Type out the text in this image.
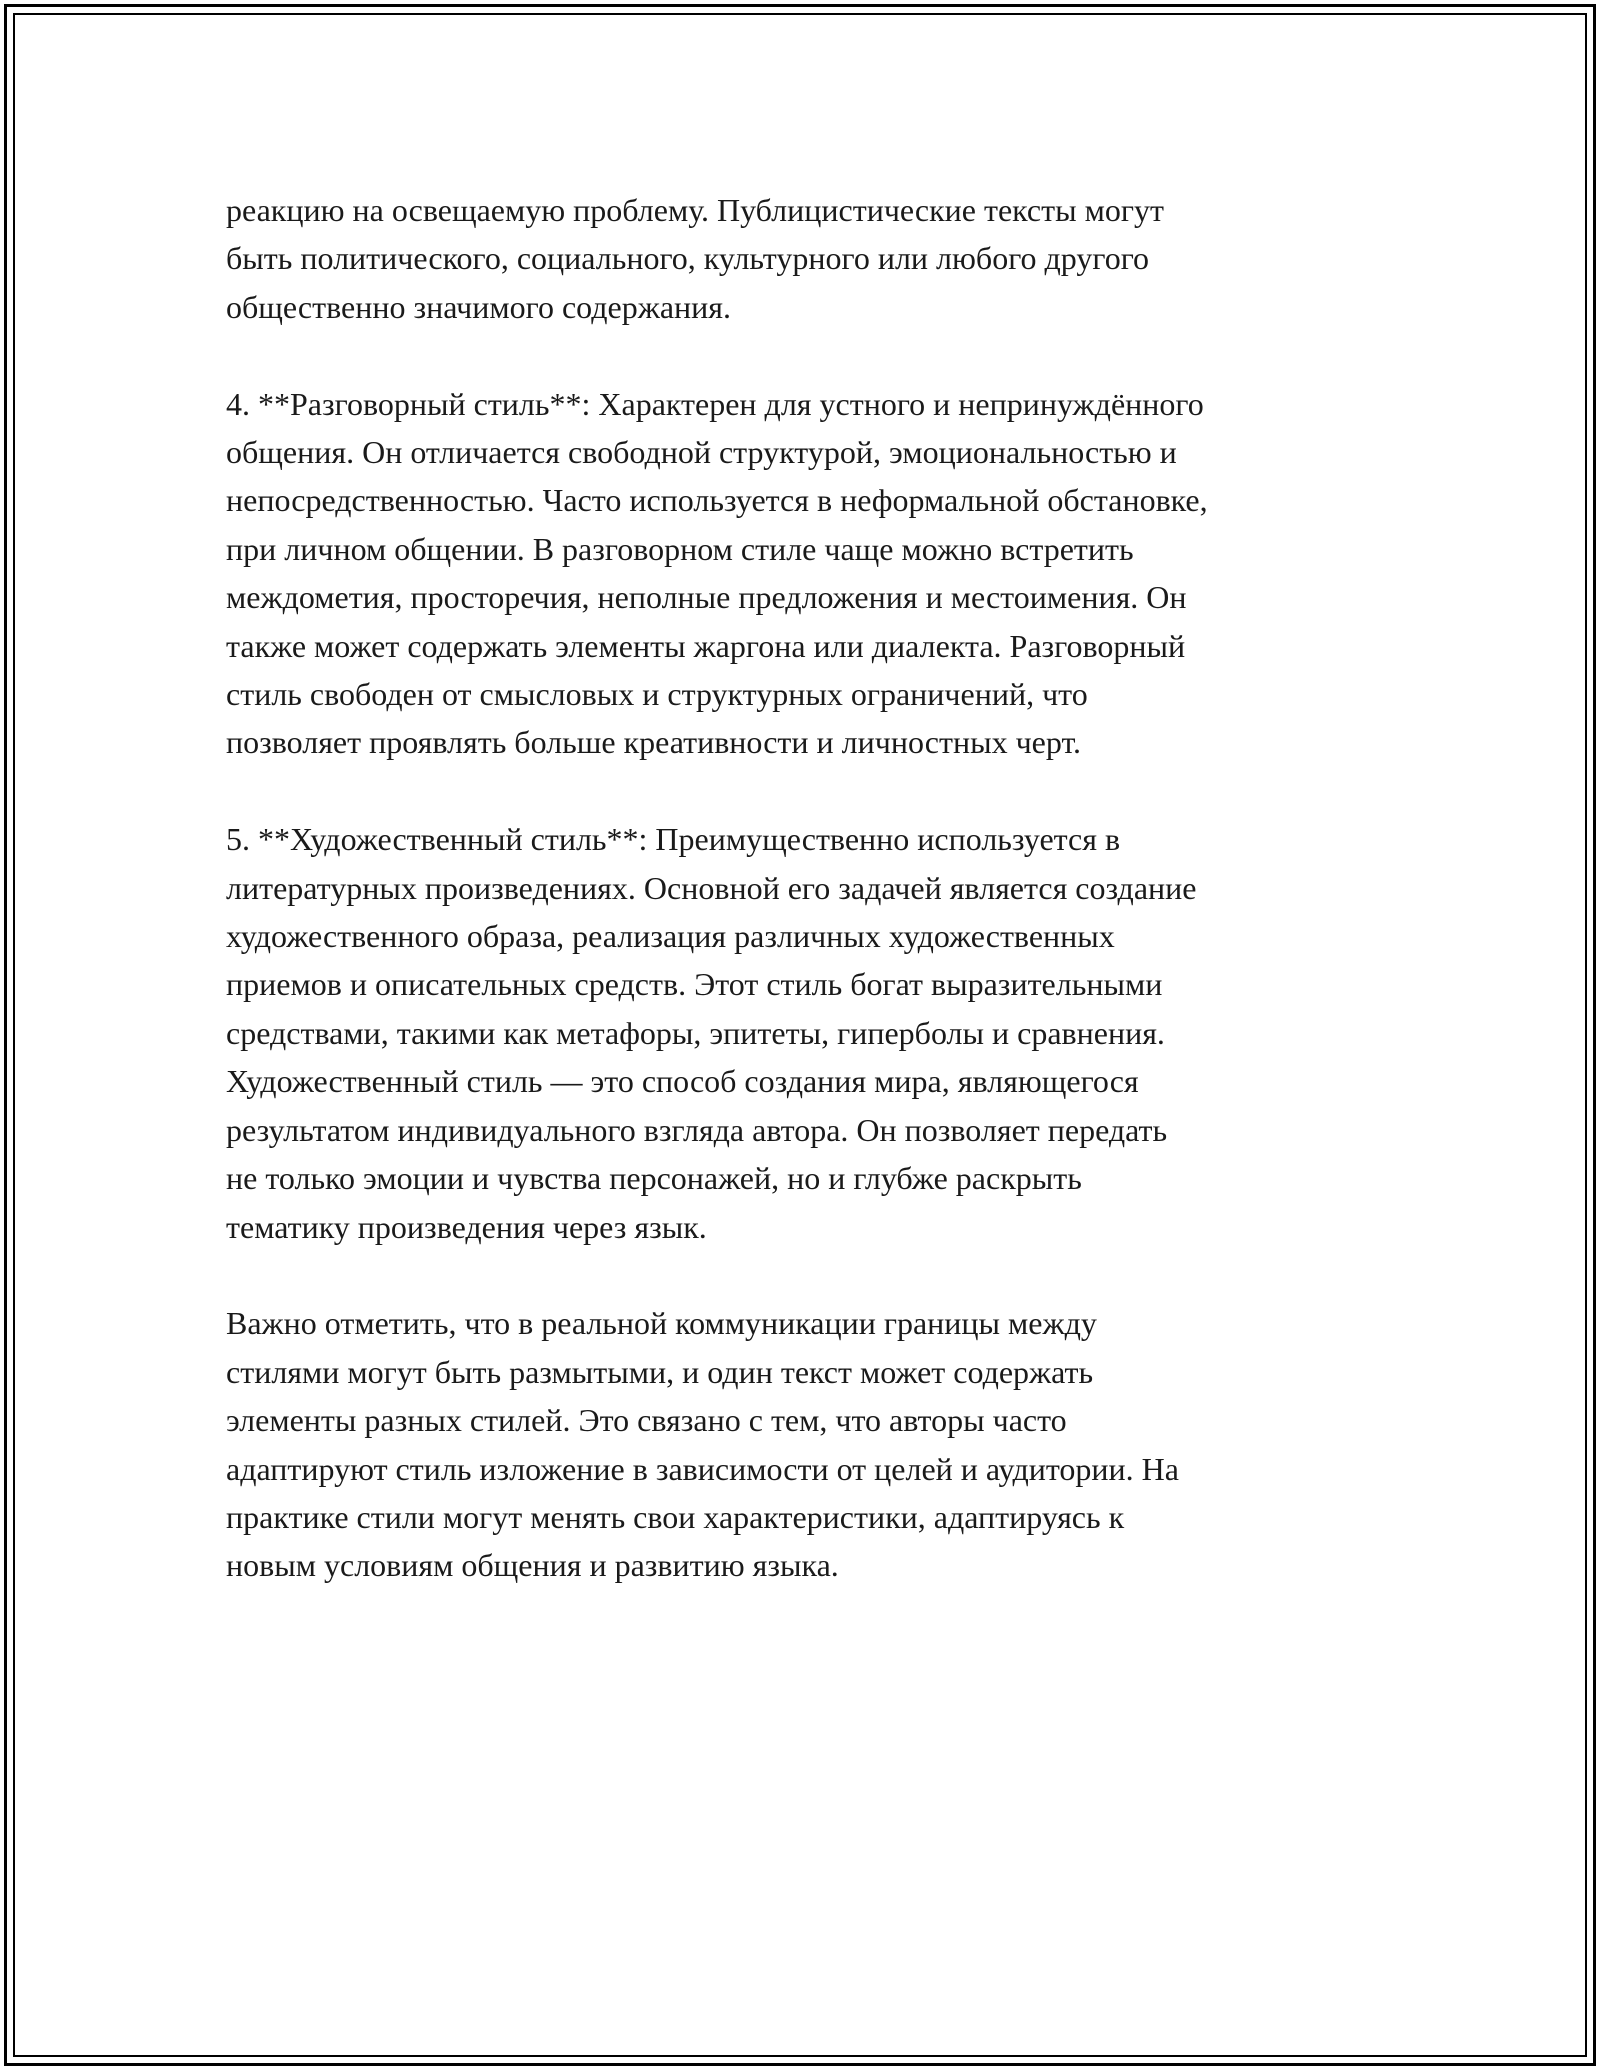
реакцию на освещаемую проблему. Публицистические тексты могут
быть политического, социального, культурного или любого другого
общественно значимого содержания.

4. **Разговорный стиль**: Характерен для устного и непринуждённого
общения. Он отличается свободной структурой, эмоциональностью и
непосредственностью. Часто используется в неформальной обстановке,
при личном общении. В разговорном стиле чаще можно встретить
междометия, просторечия, неполные предложения и местоимения. Он
также может содержать элементы жаргона или диалекта. Разговорный
стиль свободен от смысловых и структурных ограничений, что
позволяет проявлять больше креативности и личностных черт.

5. **Художественный стиль**: Преимущественно используется в
литературных произведениях. Основной его задачей является создание
художественного образа, реализация различных художественных
приемов и описательных средств. Этот стиль богат выразительными
средствами, такими как метафоры, эпитеты, гиперболы и сравнения.
Художественный стиль — это способ создания мира, являющегося
результатом индивидуального взгляда автора. Он позволяет передать
не только эмоции и чувства персонажей, но и глубже раскрыть
тематику произведения через язык.

Важно отметить, что в реальной коммуникации границы между
стилями могут быть размытыми, и один текст может содержать
элементы разных стилей. Это связано с тем, что авторы часто
адаптируют стиль изложение в зависимости от целей и аудитории. На
практике стили могут менять свои характеристики, адаптируясь к
новым условиям общения и развитию языка.
